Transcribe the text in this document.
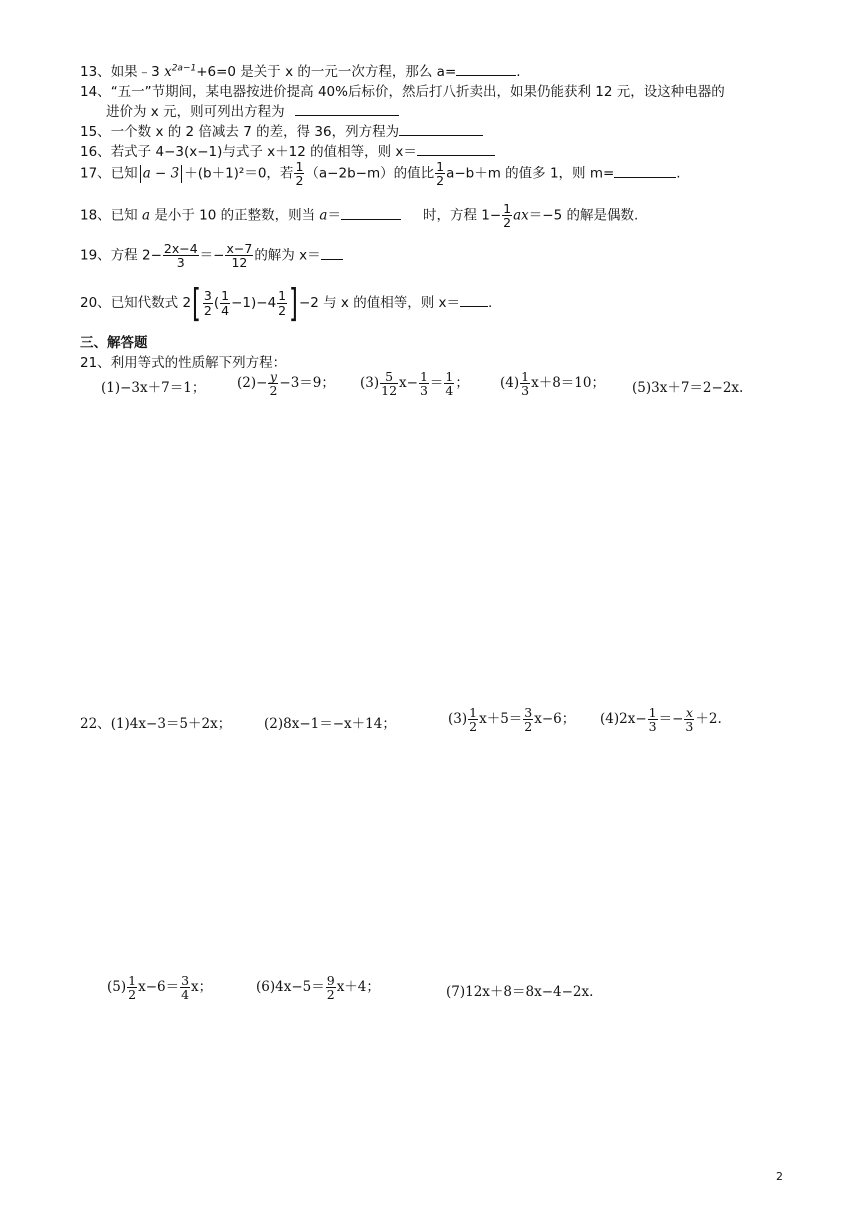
13、如果﹣3 $x^{2a-1}+6=0$ 是关于 x 的一元一次方程，那么 a=	.
14、“五一”节期间，某电器按进价提高 40%后标价，然后打八折卖出，如果仍能获利 12 元，设这种电器的
进价为 x 元，则可列出方程为
15、一个数 x 的 2 倍减去 7 的差，得 36，列方程为
16、若式子 4−3(x−1)与式子 x＋12 的值相等，则 x＝
17、已知 a − 3 ＋(b＋1)²＝0，若 $\frac{1}{2} (a-2b-m)$的值比 $\frac{1}{2} a-b+m$ 的值多 1，则 m=	.
18、已知 a 是小于 10 的正整数，则当 a＝	时，方程 $1- \frac{1}{2} ax=-5$ 的解是偶数.
19、方程 $2- \frac{2x-4}{3} =- \frac{x-7}{12}$ 的解为 x＝
20、已知代数式 $2[ \frac{3}{2}$ ( $\frac{1}{4} -1)-4 \frac{1}{2} ]-2$ 与 x 的值相等，则 x＝ .
三、解答题
21、利用等式的性质解下列方程：
(1)−3x＋7＝1； $(2)- \frac{y}{2} -3=9$； $(3) \frac{5}{12} x- \frac{1}{3} = \frac{1}{4}$ ； $(4) \frac{1}{3} x+8=10$； (5)3x＋7＝2−2x.
22、(1)4x−3＝5＋2x； (2)8x−1＝−x＋14；	$(3) \frac{1}{2} x+5= \frac{3}{2} x-6$； $(4)2x- \frac{1}{3} =- \frac{x}{3} +2$.
$(5) \frac{1}{2} x-6= \frac{3}{4}$ x；	$(6)4x-5= \frac{9}{2} x+4$；	(7)12x＋8＝8x−4−2x.
2
